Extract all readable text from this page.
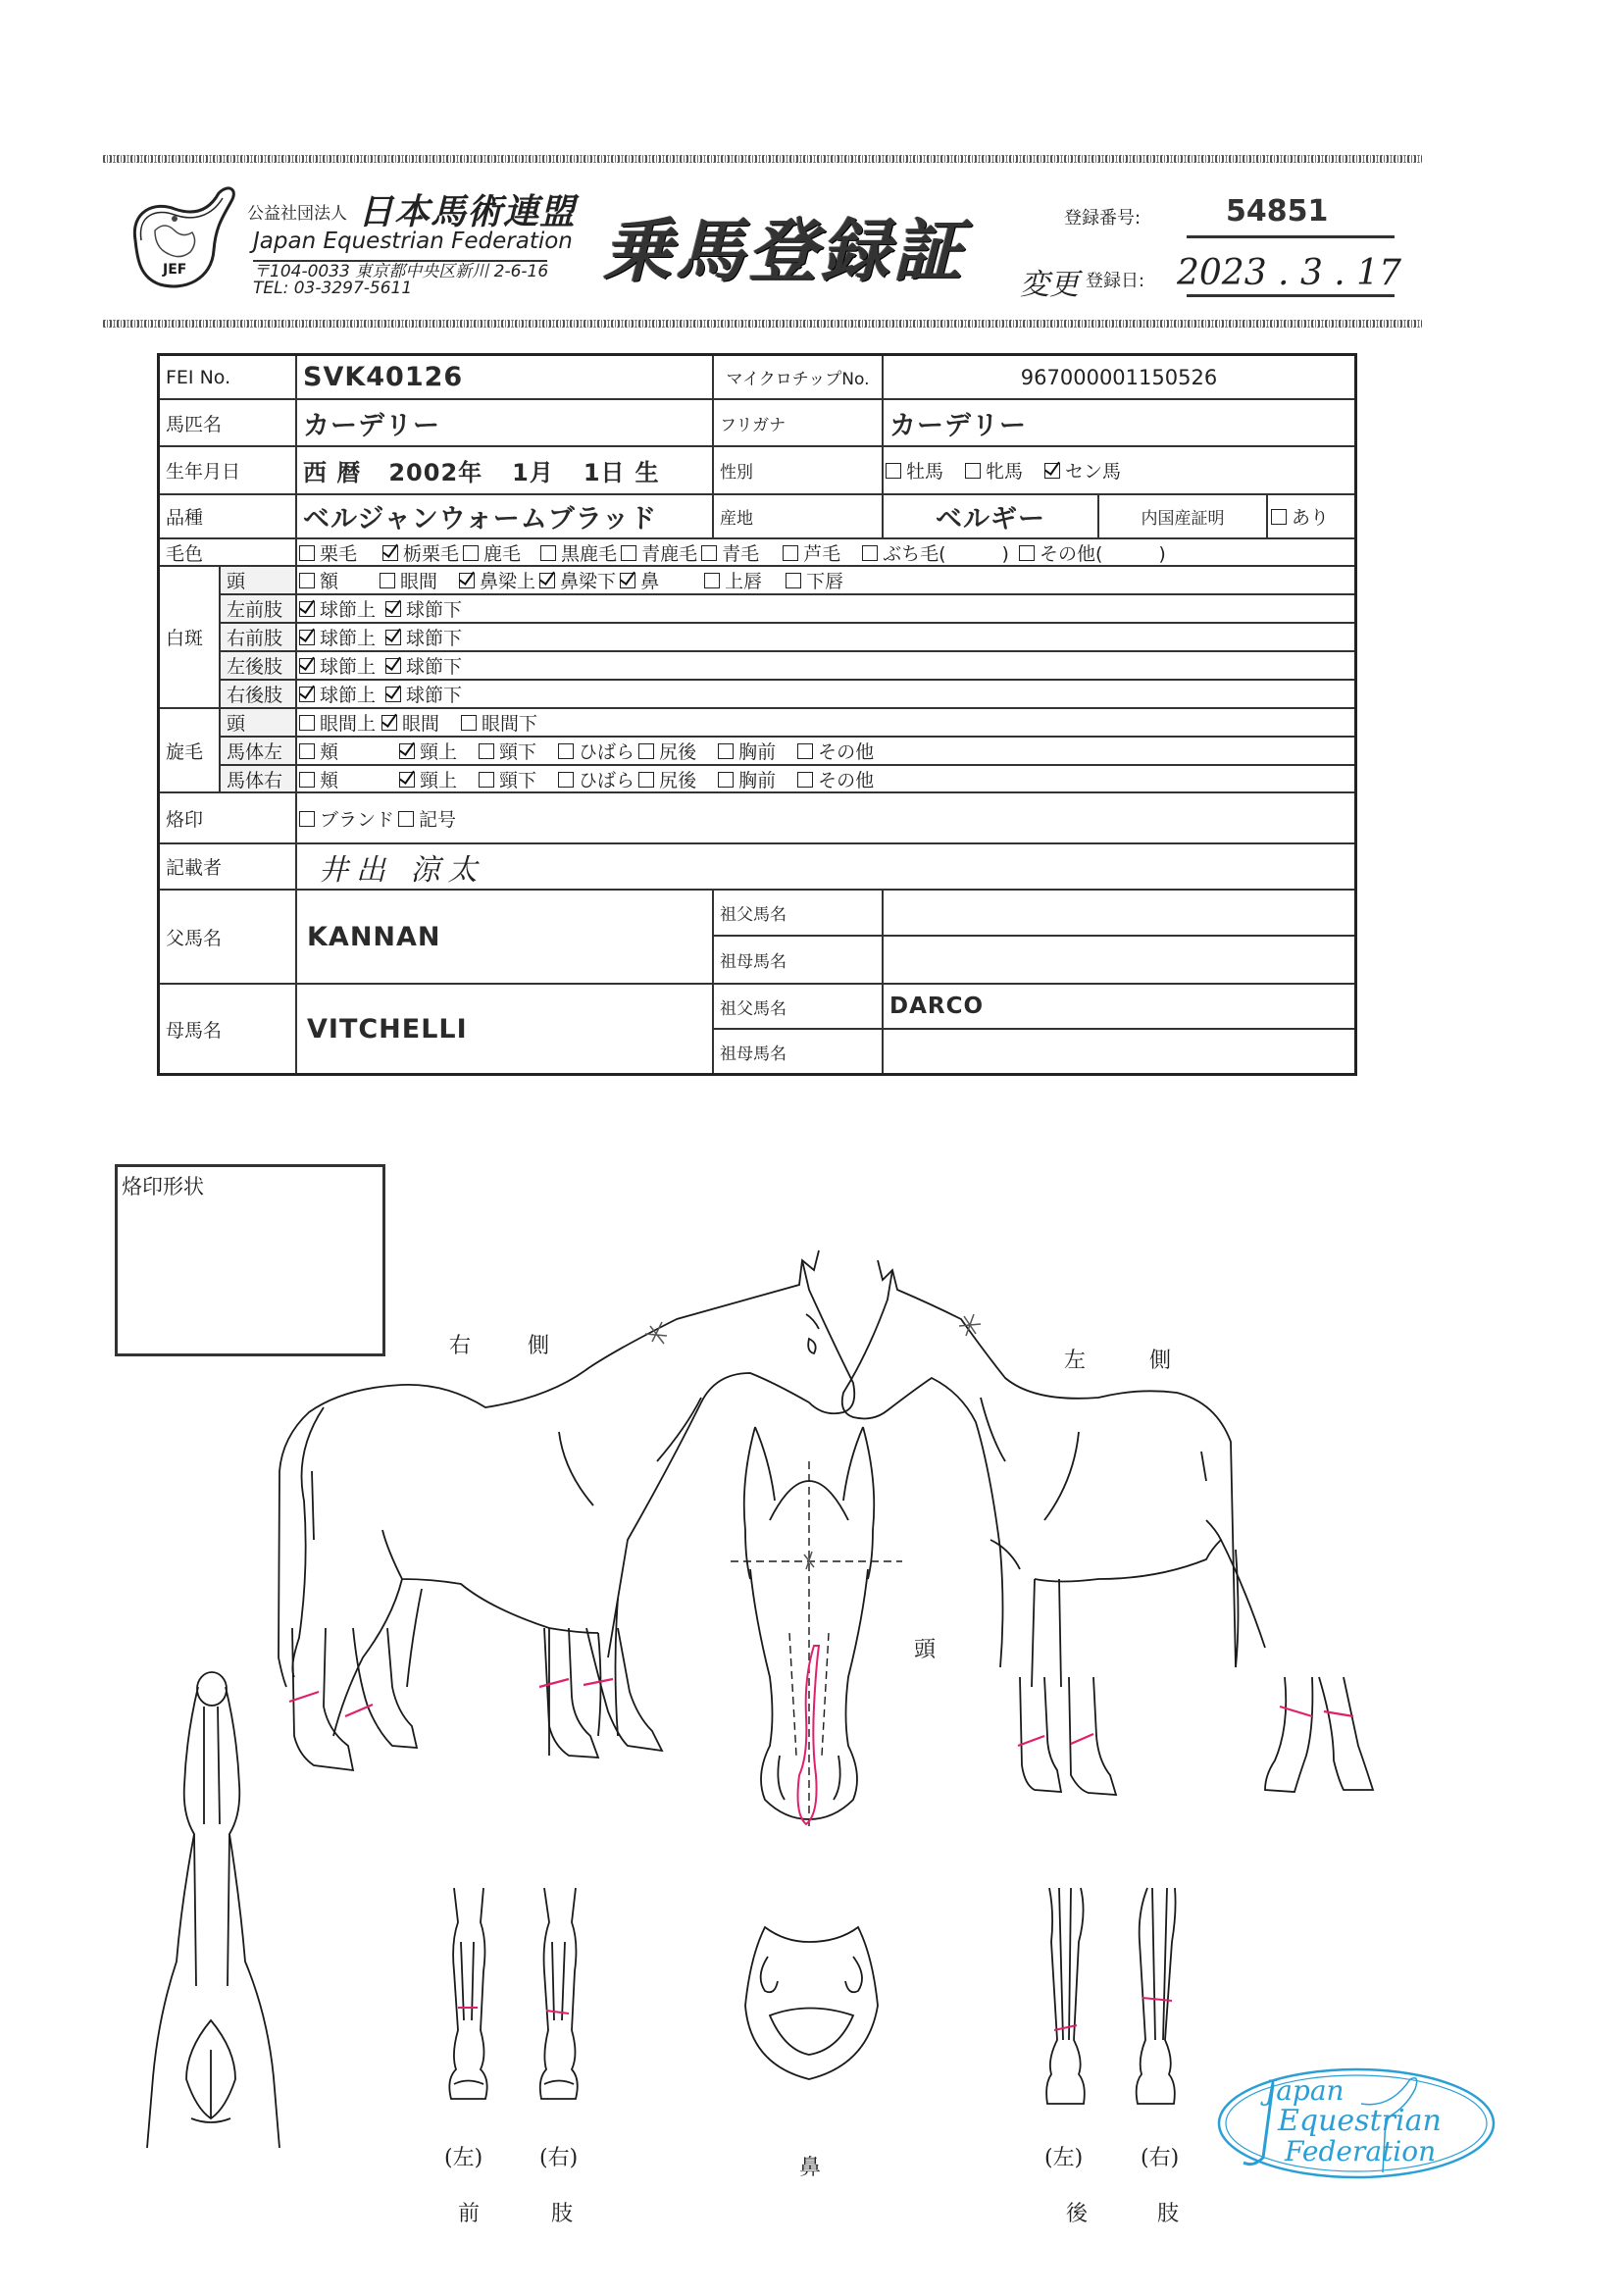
JEF
公益社団法人 日本馬術連盟
Japan Equestrian Federation
〒104-0033 東京都中央区新川 2-6-16
TEL: 03-3297-5611	乗馬登録証	登録番号:	54851
変更 登録日: 2023 . 3 . 17
FEI No.	SVK40126	マイクロチップNo.	967000001150526
馬匹名	カーデリー	フリガナ	カーデリー
生年月日	西 暦 2002年 1月 1日 生	性別	牡馬	牝馬	セン馬
品種	ベルジャンウォームブラッド	産地	ベルギー	内国産証明	あり
毛色	栗毛	栃栗毛	鹿毛	黒鹿毛	青鹿毛	青毛	芦毛	ぶち毛(　　　)	その他(　　　)
白斑
頭	額	眼間	鼻梁上	鼻梁下	鼻	上唇	下唇
左前肢	球節上	球節下
右前肢	球節上	球節下
左後肢	球節上	球節下
右後肢	球節上	球節下
旋毛
頭	眼間上	眼間	眼間下
馬体左	頬	頸上	頸下	ひばら	尻後	胸前	その他
馬体右	頬	頸上	頸下	ひばら	尻後	胸前	その他
烙印	ブランド	記号
記載者	井出 涼太
父馬名	KANNAN
祖父馬名
祖母馬名
母馬名	VITCHELLI
祖父馬名	DARCO
祖母馬名
烙印形状
右	側
左	側
頭
(左)	(右)
前	肢
鼻	(左)	(右)
後	肢
Japan
Equestrian
Federation
